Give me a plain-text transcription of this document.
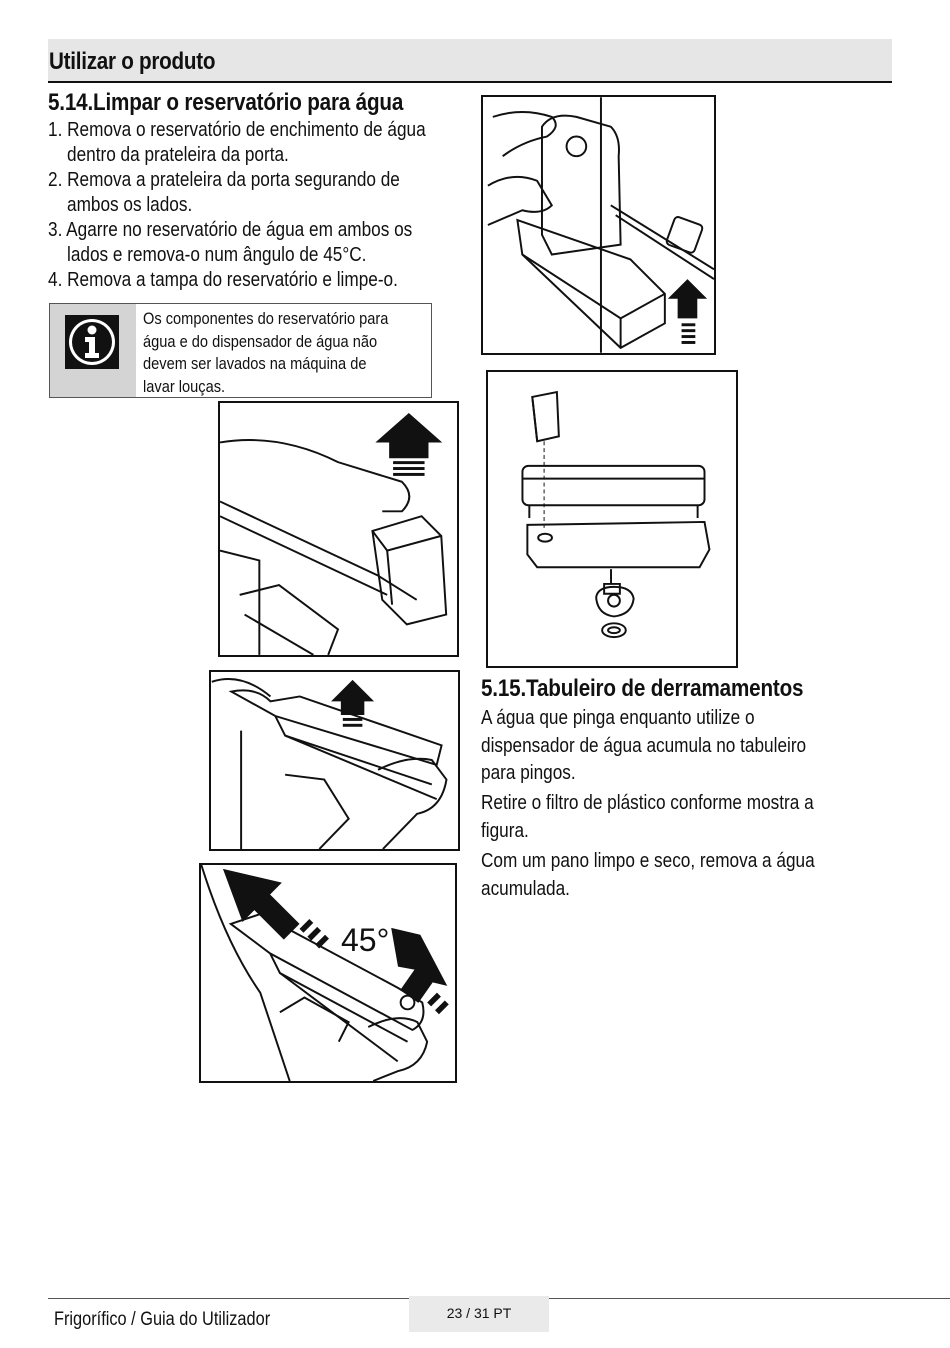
Utilizar o produto
5.14.Limpar o reservatório para água
1. Remova o reservatório de enchimento de água
dentro da prateleira da porta.
2. Remova a prateleira da porta segurando de
ambos os lados.
3. Agarre no reservatório de água em ambos os
lados e remova-o num ângulo de 45°C.
4. Remova a tampa do reservatório e limpe-o.
Os componentes do reservatório para
água e do dispensador de água não
devem ser lavados na máquina de
lavar louças.
45°
5.15.Tabuleiro de derramamentos
A água que pinga enquanto utilize o
dispensador de água acumula no tabuleiro
para pingos.
Retire o filtro de plástico conforme mostra a
figura.
Com um pano limpo e seco, remova a água
acumulada.
23 / 31 PT
Frigorífico / Guia do Utilizador
